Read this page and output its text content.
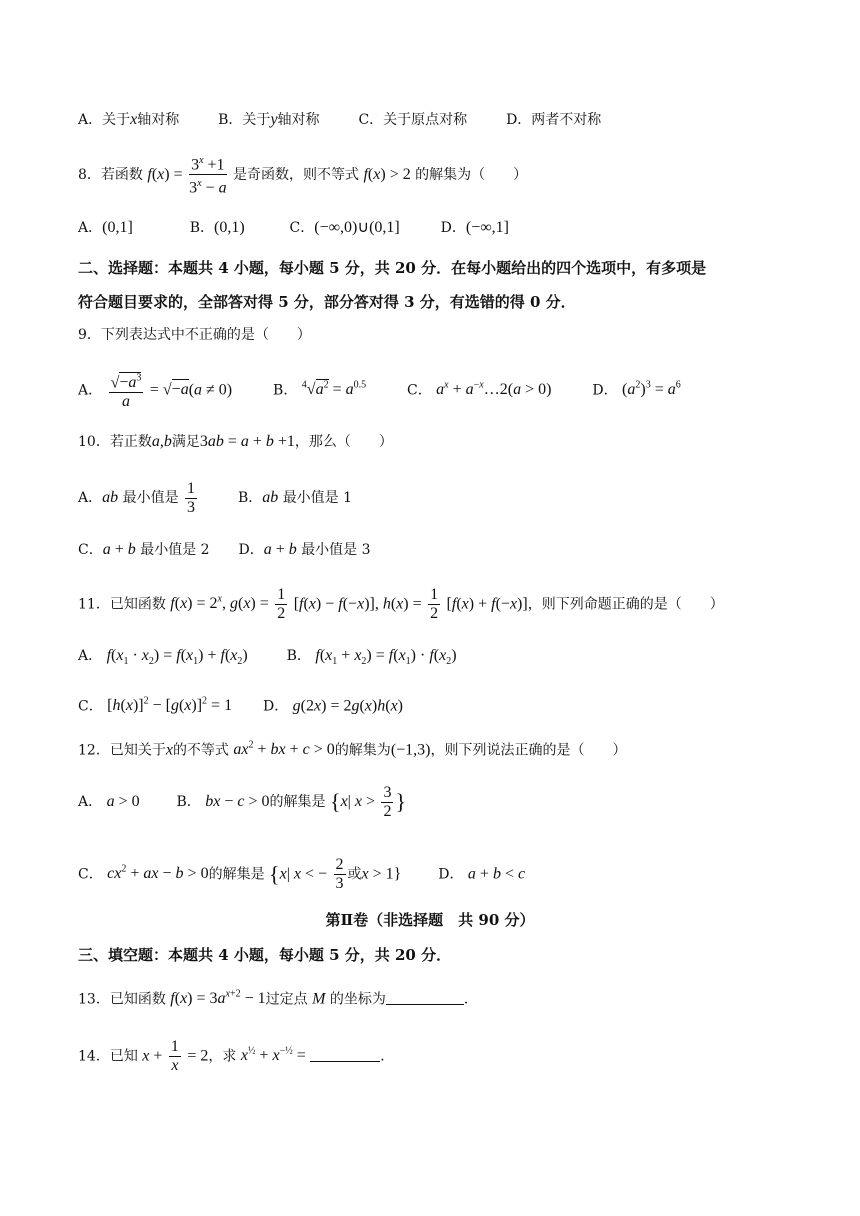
A．关于x轴对称	B．关于y轴对称	C．关于原点对称	D．两者不对称
8．若函数 $f(x) = \frac{3^x +1}{3^x - a}$ 是奇函数，则不等式 f(x) > 2 的解集为（　　）
A．(0,1]	B．(0,1)	C．(−∞,0)∪(0,1]	D．(−∞,1]
二、选择题：本题共 4 小题，每小题 5 分，共 20 分．在每小题给出的四个选项中，有多项是
符合题目要求的，全部答对得 5 分，部分答对得 3 分，有选错的得 0 分．
9．下列表达式中不正确的是（　　）
A． $\frac{√-a^3}{a} = √-a(a \ne 0)$	B． $^4√a^2 = a^{0.5}$	C． $a^x$ + $a^{-x}\dots 2(a > 0)$	D． $(a^2)^3 = a^6$
10．若正数a,b满足3ab = a + b +1，那么（　　）
A．ab 最小值是 $\frac{1}{3}$	B．ab 最小值是 1
C．a + b 最小值是 2 D．a + b 最小值是 3
11．已知函数 $f(x) = 2^x$, $g(x) = \frac{1}{2} [f(x) - f(-x)]$, $h(x) = \frac{1}{2} [f(x) + f(-x)]$，则下列命题正确的是（　　）
A． $f(x_1 \cdot x_2) = f(x_1) + f(x_2)$	B． $f(x_1 + x_2) = f(x_1) \cdot f(x_2)$
C． $[h(x)]^2 - [g(x)]^2 = 1$ D． g(2x) = 2g(x)h(x)
12．已知关于x的不等式 $ax^2$ + bx + c > 0的解集为(−1,3)，则下列说法正确的是（　　）
A． a > 0	B． bx − c > 0的解集是 {x| $x > \frac{3}{2}$ }
C． $cx^2$ + ax − b > 0的解集是 {x| x < − $\frac{2}{3}$ 或x > 1}	D． a + b < c
第Ⅱ卷（非选择题　共 90 分）
三、填空题：本题共 4 小题，每小题 5 分，共 20 分．
13．已知函数 $f(x) = 3a^{x+2} - 1$过定点 M 的坐标为	．
14．已知 $x + \frac{1}{x} = 2$，求 $x^{\frac{1}{2}} + x^{-\frac{1}{2}}$ =	．
